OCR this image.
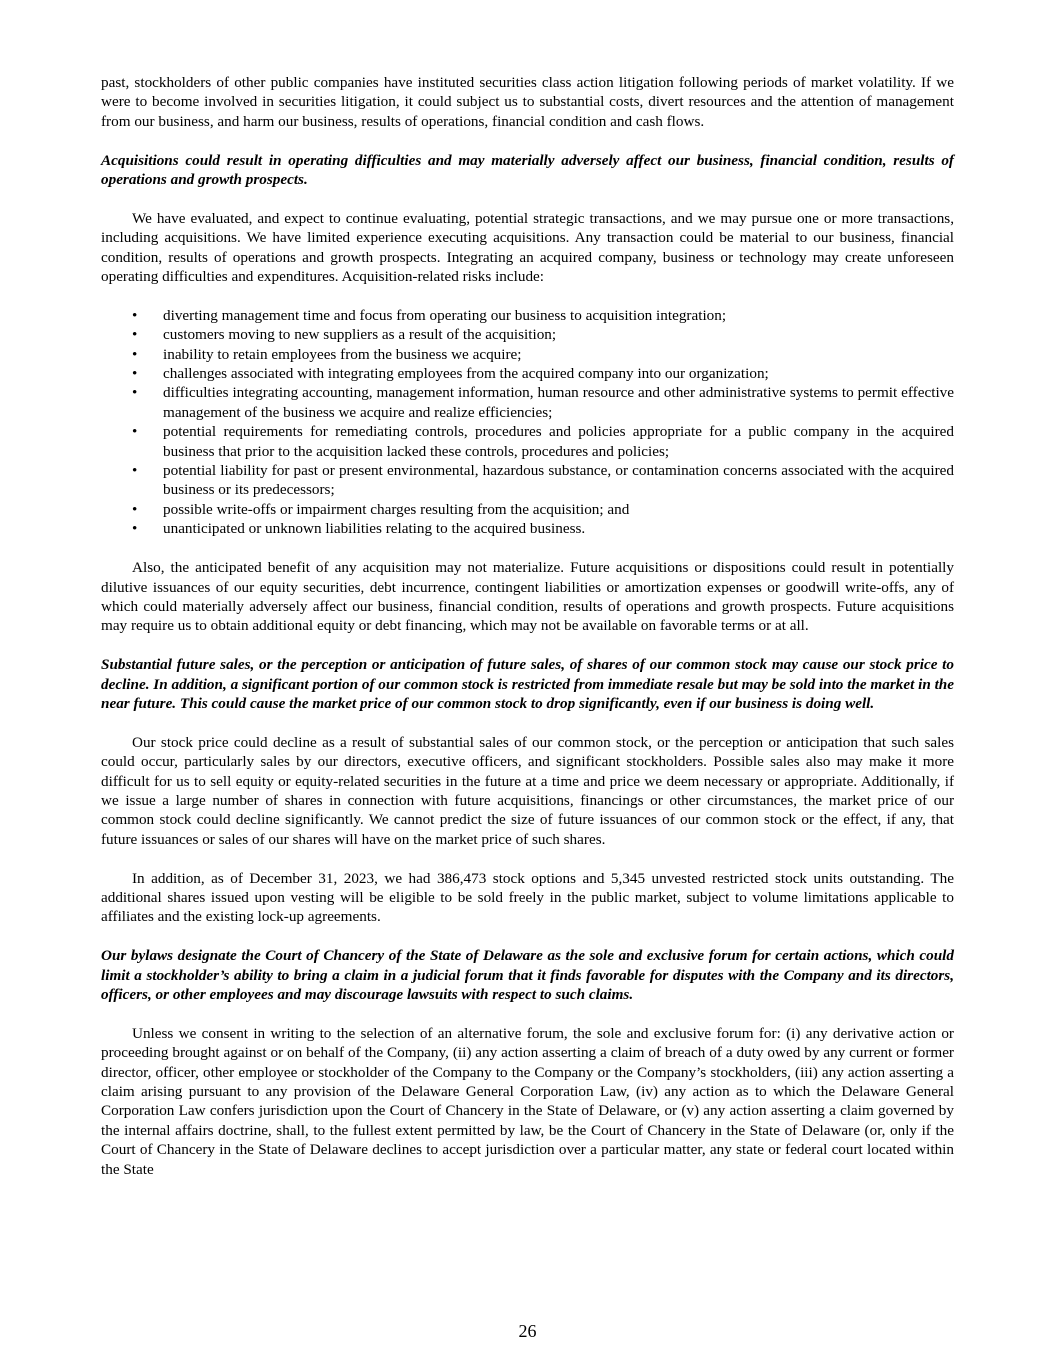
past, stockholders of other public companies have instituted securities class action litigation following periods of market volatility. If we were to become involved in securities litigation, it could subject us to substantial costs, divert resources and the attention of management from our business, and harm our business, results of operations, financial condition and cash flows.

Acquisitions could result in operating difficulties and may materially adversely affect our business, financial condition, results of operations and growth prospects.

We have evaluated, and expect to continue evaluating, potential strategic transactions, and we may pursue one or more transactions, including acquisitions. We have limited experience executing acquisitions. Any transaction could be material to our business, financial condition, results of operations and growth prospects. Integrating an acquired company, business or technology may create unforeseen operating difficulties and expenditures. Acquisition-related risks include:

• diverting management time and focus from operating our business to acquisition integration;
• customers moving to new suppliers as a result of the acquisition;
• inability to retain employees from the business we acquire;
• challenges associated with integrating employees from the acquired company into our organization;
• difficulties integrating accounting, management information, human resource and other administrative systems to permit effective management of the business we acquire and realize efficiencies;
• potential requirements for remediating controls, procedures and policies appropriate for a public company in the acquired business that prior to the acquisition lacked these controls, procedures and policies;
• potential liability for past or present environmental, hazardous substance, or contamination concerns associated with the acquired business or its predecessors;
• possible write-offs or impairment charges resulting from the acquisition; and
• unanticipated or unknown liabilities relating to the acquired business.

Also, the anticipated benefit of any acquisition may not materialize. Future acquisitions or dispositions could result in potentially dilutive issuances of our equity securities, debt incurrence, contingent liabilities or amortization expenses or goodwill write-offs, any of which could materially adversely affect our business, financial condition, results of operations and growth prospects. Future acquisitions may require us to obtain additional equity or debt financing, which may not be available on favorable terms or at all.

Substantial future sales, or the perception or anticipation of future sales, of shares of our common stock may cause our stock price to decline. In addition, a significant portion of our common stock is restricted from immediate resale but may be sold into the market in the near future. This could cause the market price of our common stock to drop significantly, even if our business is doing well.

Our stock price could decline as a result of substantial sales of our common stock, or the perception or anticipation that such sales could occur, particularly sales by our directors, executive officers, and significant stockholders. Possible sales also may make it more difficult for us to sell equity or equity-related securities in the future at a time and price we deem necessary or appropriate. Additionally, if we issue a large number of shares in connection with future acquisitions, financings or other circumstances, the market price of our common stock could decline significantly. We cannot predict the size of future issuances of our common stock or the effect, if any, that future issuances or sales of our shares will have on the market price of such shares.

In addition, as of December 31, 2023, we had 386,473 stock options and 5,345 unvested restricted stock units outstanding. The additional shares issued upon vesting will be eligible to be sold freely in the public market, subject to volume limitations applicable to affiliates and the existing lock-up agreements.

Our bylaws designate the Court of Chancery of the State of Delaware as the sole and exclusive forum for certain actions, which could limit a stockholder’s ability to bring a claim in a judicial forum that it finds favorable for disputes with the Company and its directors, officers, or other employees and may discourage lawsuits with respect to such claims.

Unless we consent in writing to the selection of an alternative forum, the sole and exclusive forum for: (i) any derivative action or proceeding brought against or on behalf of the Company, (ii) any action asserting a claim of breach of a duty owed by any current or former director, officer, other employee or stockholder of the Company to the Company or the Company’s stockholders, (iii) any action asserting a claim arising pursuant to any provision of the Delaware General Corporation Law, (iv) any action as to which the Delaware General Corporation Law confers jurisdiction upon the Court of Chancery in the State of Delaware, or (v) any action asserting a claim governed by the internal affairs doctrine, shall, to the fullest extent permitted by law, be the Court of Chancery in the State of Delaware (or, only if the Court of Chancery in the State of Delaware declines to accept jurisdiction over a particular matter, any state or federal court located within the State

26
